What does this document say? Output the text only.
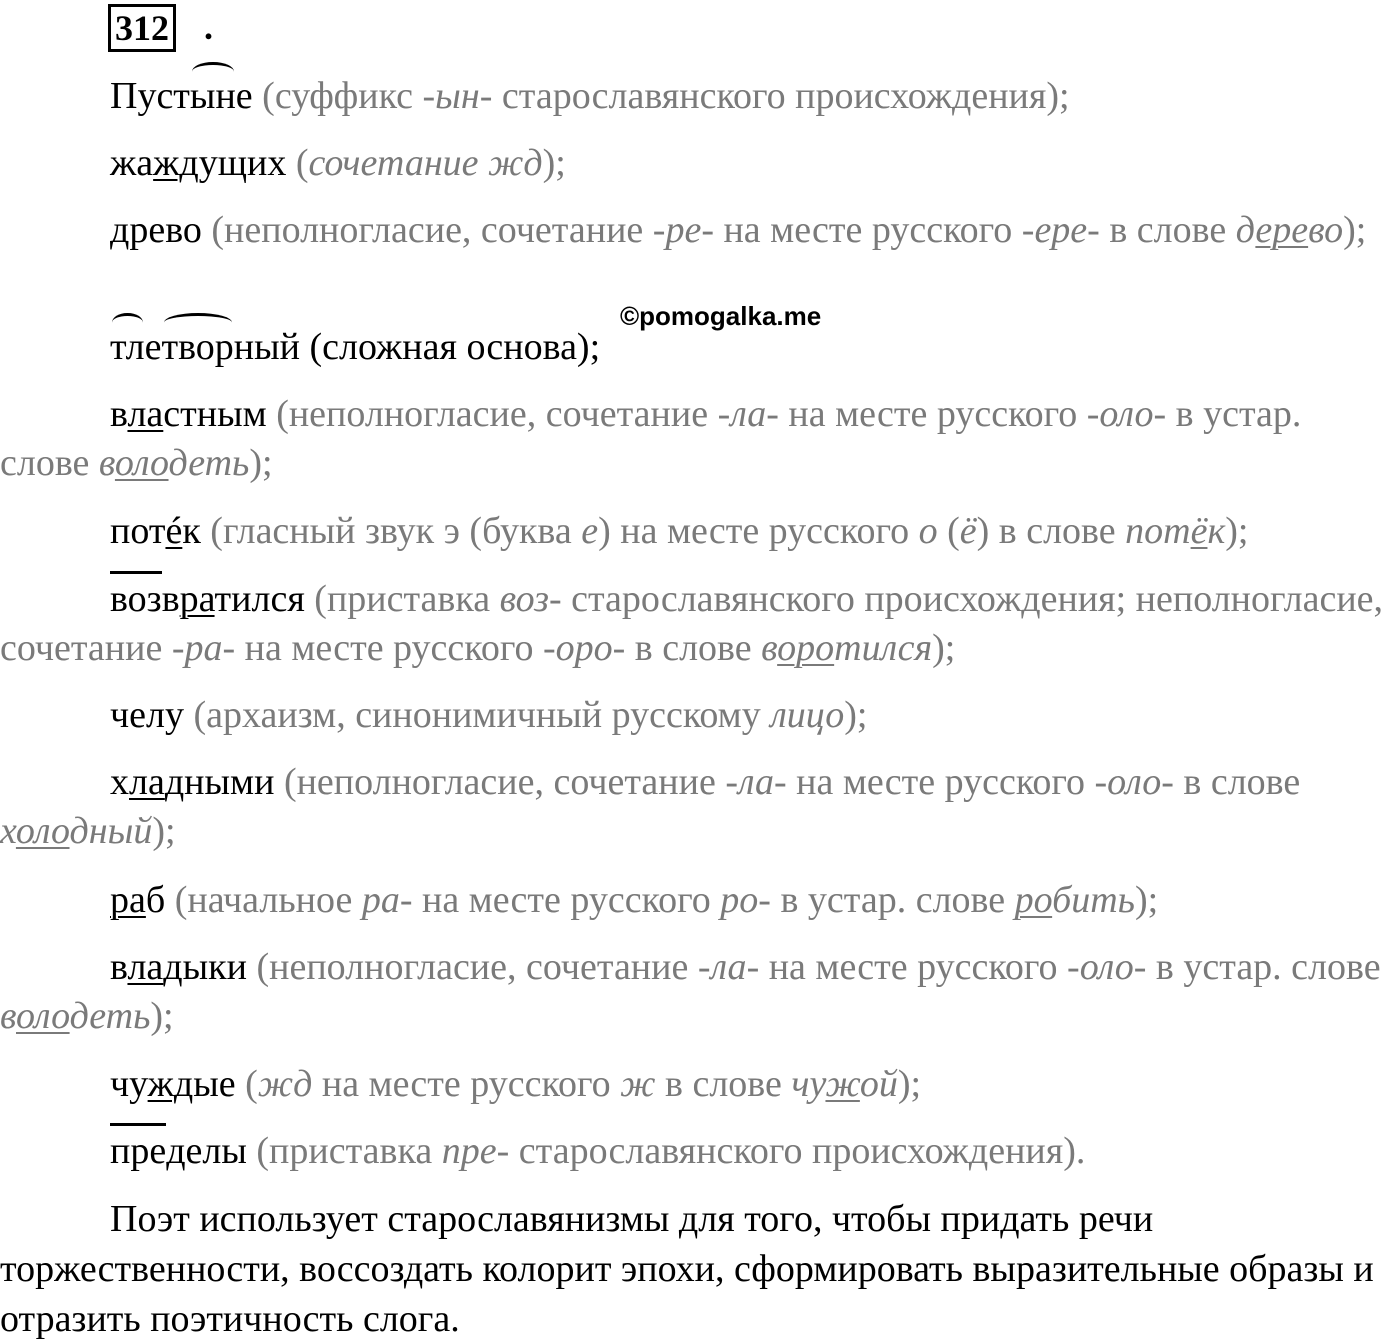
312 .
Пустыне (суффикс -ын- старославянского происхождения);
жаждущих (сочетание жд);
древо (неполногласие, сочетание -ре- на месте русского -ере- в слове дерево);
©pomogalka.me
тлетворный (сложная основа);
властным (неполногласие, сочетание -ла- на месте русского -оло- в устар. слове володеть);
потéк (гласный звук э (буква е) на месте русского о (ё) в слове потёк);
возвратился (приставка воз- старославянского происхождения; неполногласие, сочетание -ра- на месте русского -оро- в слове воротился);
челу (архаизм, синонимичный русскому лицо);
хладными (неполногласие, сочетание -ла- на месте русского -оло- в слове холодный);
раб (начальное ра- на месте русского ро- в устар. слове робить);
владыки (неполногласие, сочетание -ла- на месте русского -оло- в устар. слове володеть);
чуждые (жд на месте русского ж в слове чужой);
пределы (приставка пре- старославянского происхождения).
Поэт использует старославянизмы для того, чтобы придать речи торжественности, воссоздать колорит эпохи, сформировать выразительные образы и отразить поэтичность слога.
